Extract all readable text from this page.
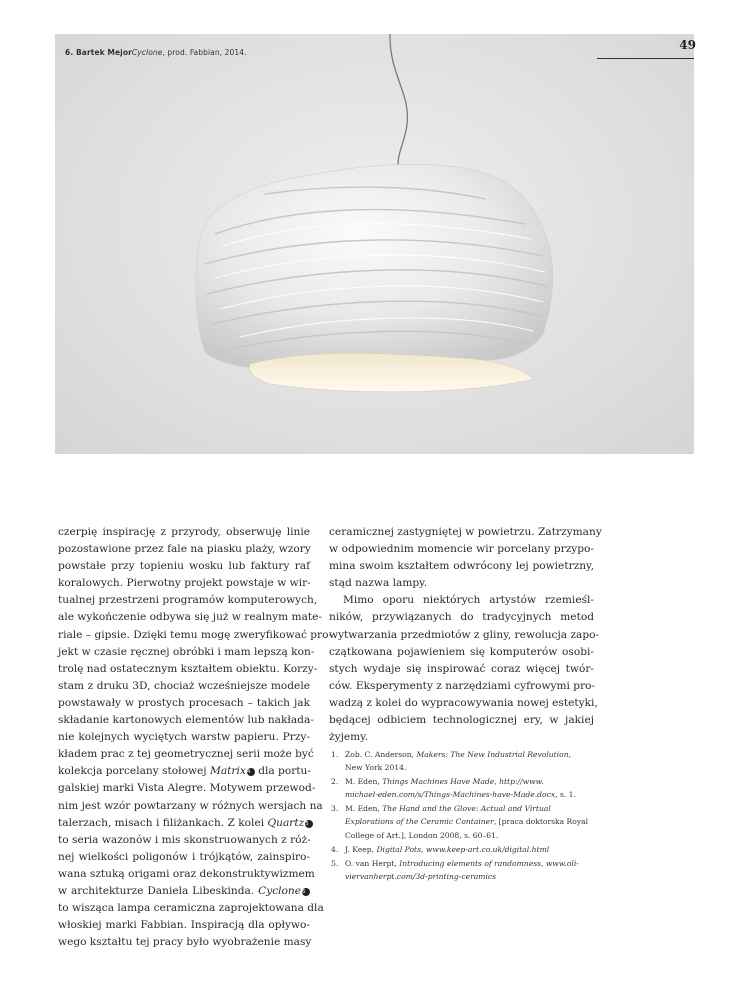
6. Bartek MejorCyclone, prod. Fabbian, 2014.
49
czerpię inspirację z przyrody, obserwuję linie
pozostawione przez fale na piasku plaży, wzory
powstałe przy topieniu wosku lub faktury raf
koralowych. Pierwotny projekt powstaje w wir-
tualnej przestrzeni programów komputerowych,
ale wykończenie odbywa się już w realnym mate-
riale – gipsie. Dzięki temu mogę zweryfikować pro-
jekt w czasie ręcznej obróbki i mam lepszą kon-
trolę nad ostatecznym kształtem obiektu. Korzy-
stam z druku 3D, chociaż wcześniejsze modele
powstawały w prostych procesach – takich jak
składanie kartonowych elementów lub nakłada-
nie kolejnych wyciętych warstw papieru. Przy-
kładem prac z tej geometrycznej serii może być
kolekcja porcelany stołowej Matrix4 dla portu-
galskiej marki Vista Alegre. Motywem przewod-
nim jest wzór powtarzany w różnych wersjach na
talerzach, misach i filiżankach. Z kolei Quartz5
to seria wazonów i mis skonstruowanych z róż-
nej wielkości poligonów i trójkątów, zainspiro-
wana sztuką origami oraz dekonstruktywizmem
w architekturze Daniela Libeskinda. Cyclone6
to wisząca lampa ceramiczna zaprojektowana dla
włoskiej marki Fabbian. Inspiracją dla opływo-
wego kształtu tej pracy było wyobrażenie masy
ceramicznej zastygniętej w powietrzu. Zatrzymany
w odpowiednim momencie wir porcelany przypo-
mina swoim kształtem odwrócony lej powietrzny,
stąd nazwa lampy.
Mimo oporu niektórych artystów rzemieśl-
ników, przywiązanych do tradycyjnych metod
wytwarzania przedmiotów z gliny, rewolucja zapo-
czątkowana pojawieniem się komputerów osobi-
stych wydaje się inspirować coraz więcej twór-
ców. Eksperymenty z narzędziami cyfrowymi pro-
wadzą z kolei do wypracowywania nowej estetyki,
będącej odbiciem technologicznej ery, w jakiej
żyjemy.
1. Zob. C. Anderson, Makers: The New Industrial Revolution,
New York 2014.
2. M. Eden, Things Machines Have Made, http://www.
michael-eden.com/s/Things-Machines-have-Made.docx, s. 1.
3. M. Eden, The Hand and the Glove: Actual and Virtual
Explorations of the Ceramic Container, [praca doktorska Royal
College of Art.], London 2008, s. 60–61.
4. J. Keep, Digital Pots, www.keep-art.co.uk/digital.html
5. O. van Herpt, Introducing elements of randomness, www.oli-
viervanherpt.com/3d-printing-ceramics
